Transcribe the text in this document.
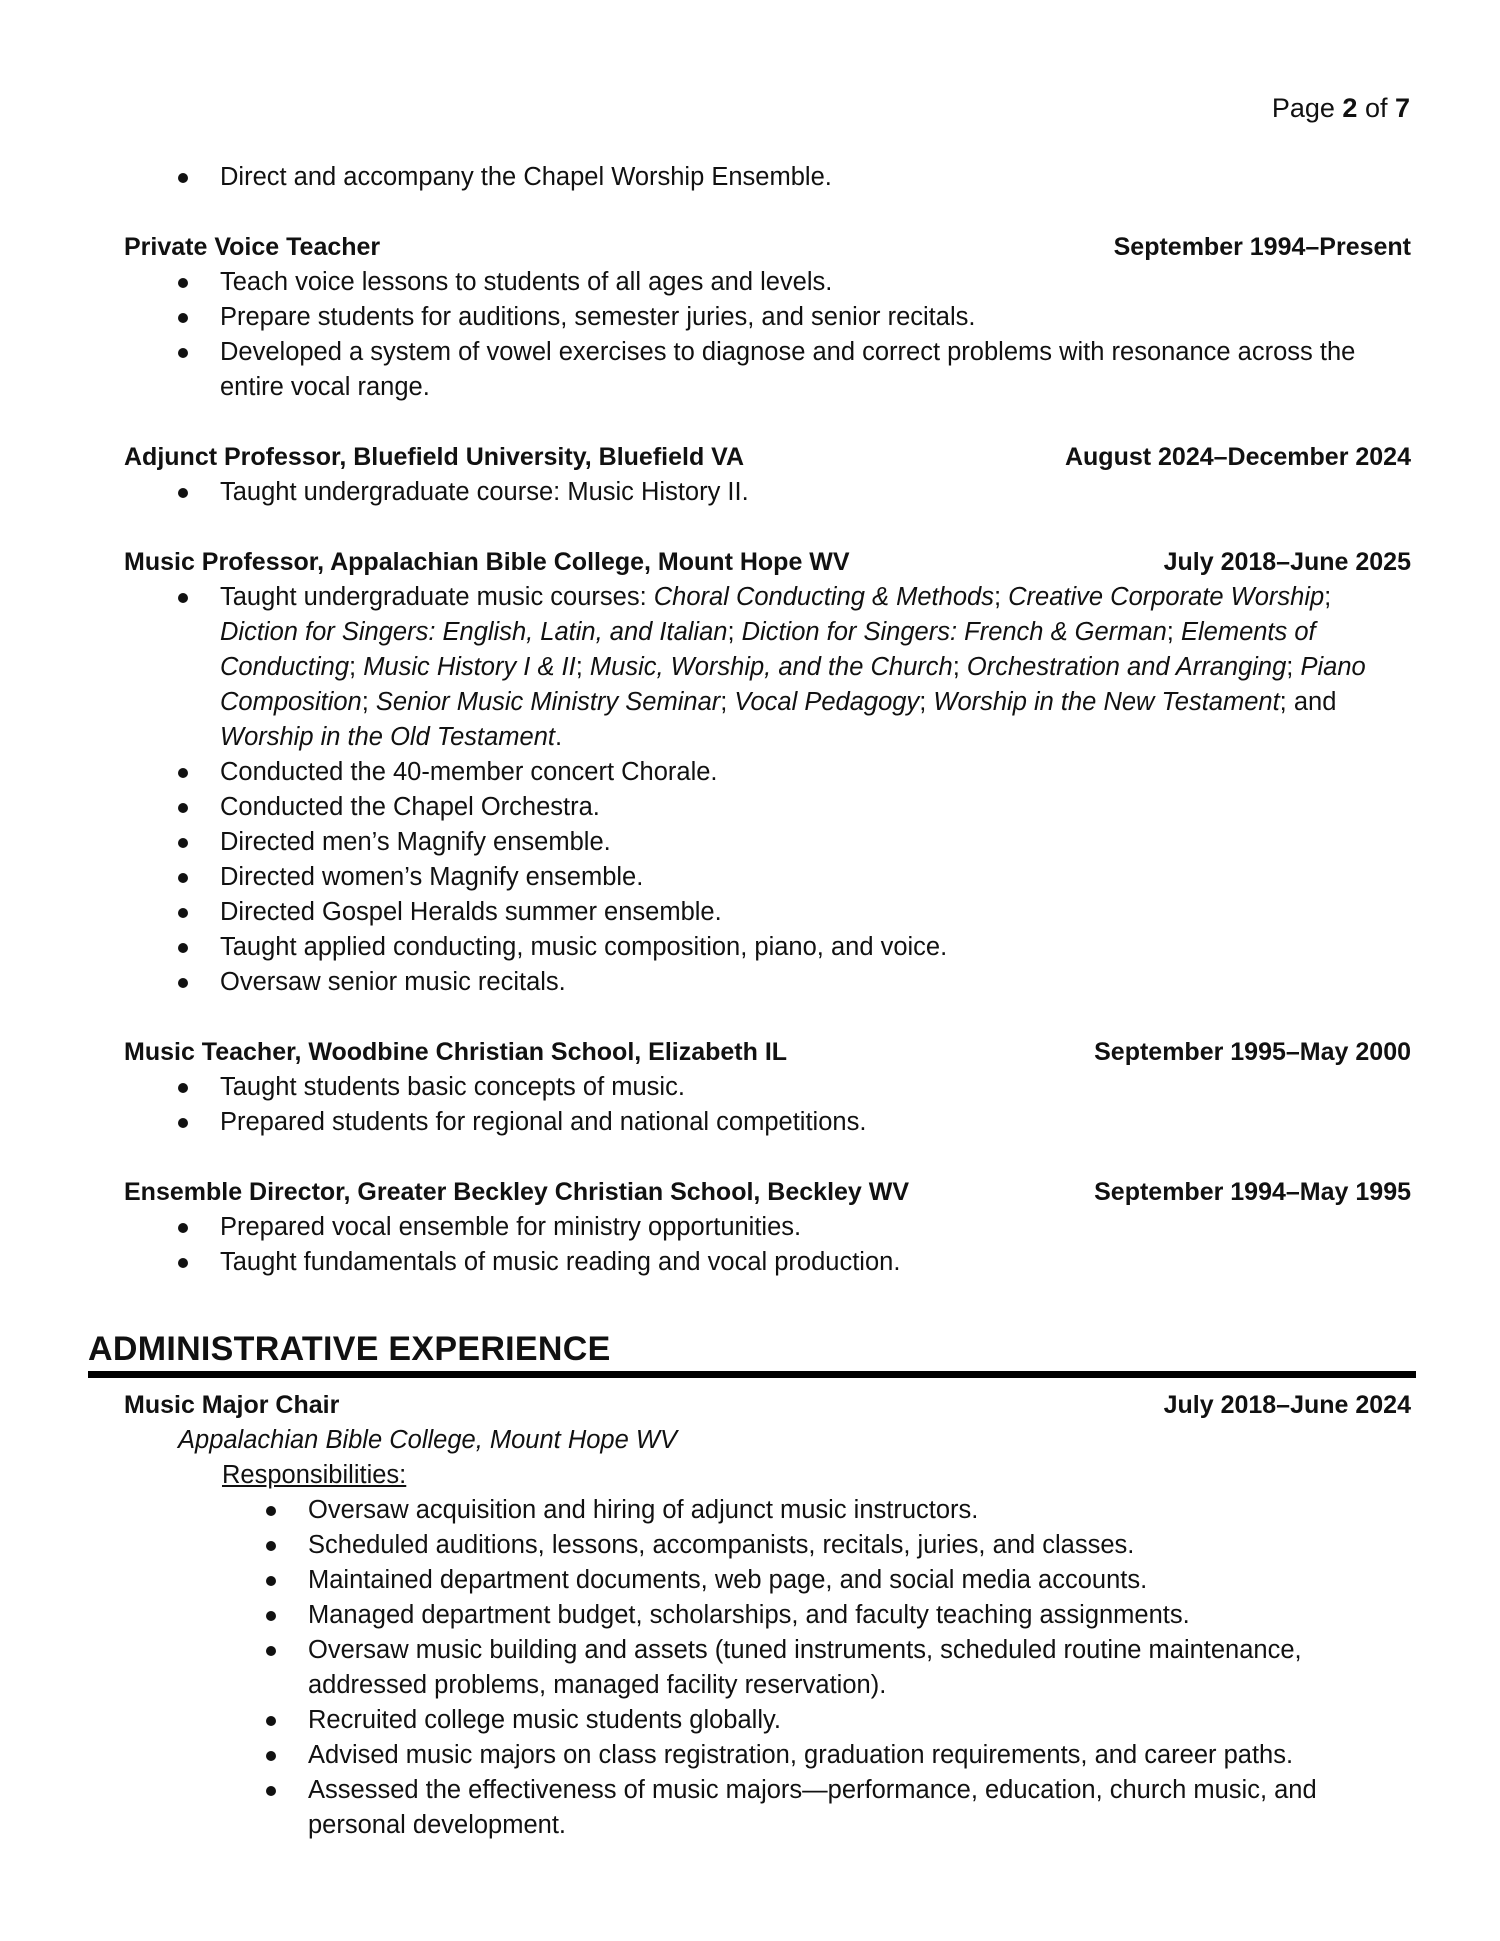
Page 2 of 7
Direct and accompany the Chapel Worship Ensemble.
Private Voice Teacher	September 1994–Present
Teach voice lessons to students of all ages and levels.
Prepare students for auditions, semester juries, and senior recitals.
Developed a system of vowel exercises to diagnose and correct problems with resonance across the entire vocal range.
Adjunct Professor, Bluefield University, Bluefield VA	August 2024–December 2024
Taught undergraduate course: Music History II.
Music Professor, Appalachian Bible College, Mount Hope WV	July 2018–June 2025
Taught undergraduate music courses: Choral Conducting & Methods; Creative Corporate Worship; Diction for Singers: English, Latin, and Italian; Diction for Singers: French & German; Elements of Conducting; Music History I & II; Music, Worship, and the Church; Orchestration and Arranging; Piano Composition; Senior Music Ministry Seminar; Vocal Pedagogy; Worship in the New Testament; and Worship in the Old Testament.
Conducted the 40-member concert Chorale.
Conducted the Chapel Orchestra.
Directed men’s Magnify ensemble.
Directed women’s Magnify ensemble.
Directed Gospel Heralds summer ensemble.
Taught applied conducting, music composition, piano, and voice.
Oversaw senior music recitals.
Music Teacher, Woodbine Christian School, Elizabeth IL	September 1995–May 2000
Taught students basic concepts of music.
Prepared students for regional and national competitions.
Ensemble Director, Greater Beckley Christian School, Beckley WV	September 1994–May 1995
Prepared vocal ensemble for ministry opportunities.
Taught fundamentals of music reading and vocal production.
ADMINISTRATIVE EXPERIENCE
Music Major Chair	July 2018–June 2024
Appalachian Bible College, Mount Hope WV
Responsibilities:
Oversaw acquisition and hiring of adjunct music instructors.
Scheduled auditions, lessons, accompanists, recitals, juries, and classes.
Maintained department documents, web page, and social media accounts.
Managed department budget, scholarships, and faculty teaching assignments.
Oversaw music building and assets (tuned instruments, scheduled routine maintenance, addressed problems, managed facility reservation).
Recruited college music students globally.
Advised music majors on class registration, graduation requirements, and career paths.
Assessed the effectiveness of music majors—performance, education, church music, and personal development.
